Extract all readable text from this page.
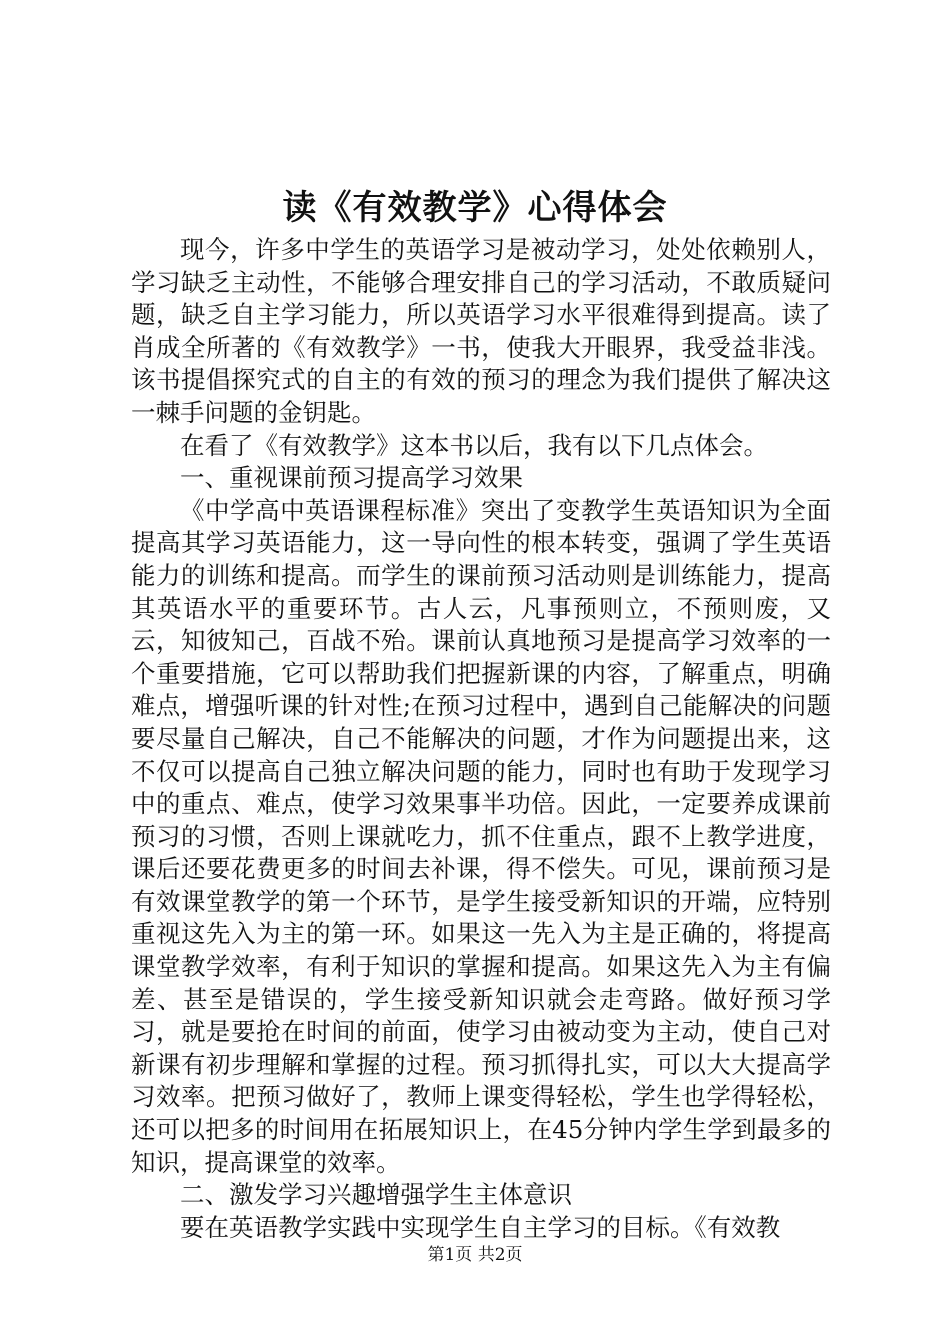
读《有效教学》心得体会

现今，许多中学生的英语学习是被动学习，处处依赖别人，学习缺乏主动性，不能够合理安排自己的学习活动，不敢质疑问题，缺乏自主学习能力，所以英语学习水平很难得到提高。读了肖成全所著的《有效教学》一书，使我大开眼界，我受益非浅。该书提倡探究式的自主的有效的预习的理念为我们提供了解决这一棘手问题的金钥匙。

在看了《有效教学》这本书以后，我有以下几点体会。

一、重视课前预习提高学习效果

《中学高中英语课程标准》突出了变教学生英语知识为全面提高其学习英语能力，这一导向性的根本转变，强调了学生英语能力的训练和提高。而学生的课前预习活动则是训练能力，提高其英语水平的重要环节。古人云，凡事预则立，不预则废，又云，知彼知己，百战不殆。课前认真地预习是提高学习效率的一个重要措施，它可以帮助我们把握新课的内容，了解重点，明确难点，增强听课的针对性;在预习过程中，遇到自己能解决的问题要尽量自己解决，自己不能解决的问题，才作为问题提出来，这不仅可以提高自己独立解决问题的能力，同时也有助于发现学习中的重点、难点，使学习效果事半功倍。因此，一定要养成课前预习的习惯，否则上课就吃力，抓不住重点，跟不上教学进度，课后还要花费更多的时间去补课，得不偿失。可见，课前预习是有效课堂教学的第一个环节，是学生接受新知识的开端，应特别重视这先入为主的第一环。如果这一先入为主是正确的，将提高课堂教学效率，有利于知识的掌握和提高。如果这先入为主有偏差、甚至是错误的，学生接受新知识就会走弯路。做好预习学习，就是要抢在时间的前面，使学习由被动变为主动，使自己对新课有初步理解和掌握的过程。预习抓得扎实，可以大大提高学习效率。把预习做好了，教师上课变得轻松，学生也学得轻松，还可以把多的时间用在拓展知识上，在45分钟内学生学到最多的知识，提高课堂的效率。

二、激发学习兴趣增强学生主体意识

要在英语教学实践中实现学生自主学习的目标。《有效教

第1页 共2页
